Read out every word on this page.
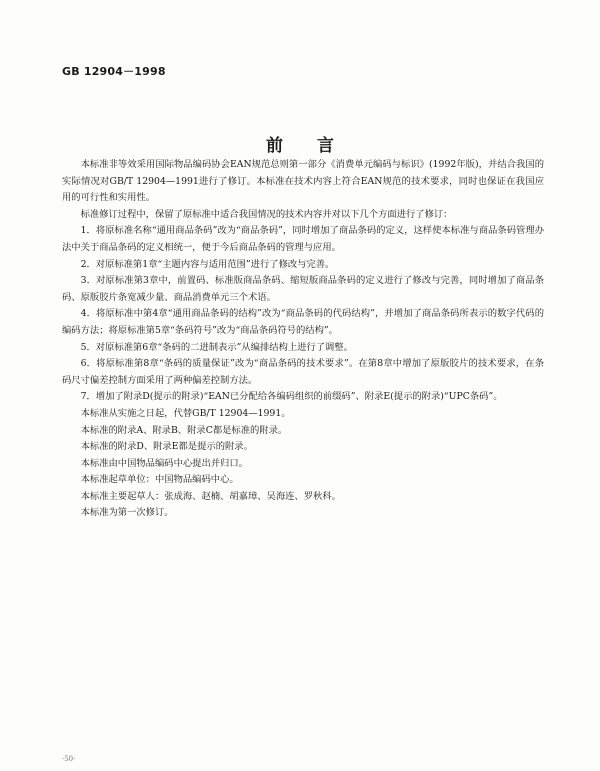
GB 12904－1998
前言

本标准非等效采用国际物品编码协会EAN规范总则第一部分《消费单元编码与标识》(1992年版)，并结合我国的实际情况对GB/T 12904—1991进行了修订。本标准在技术内容上符合EAN规范的技术要求，同时也保证在我国应用的可行性和实用性。

标准修订过程中，保留了原标准中适合我国情况的技术内容并对以下几个方面进行了修订：

1．将原标准名称“通用商品条码”改为“商品条码”，同时增加了商品条码的定义，这样使本标准与商品条码管理办法中关于商品条码的定义相统一，便于今后商品条码的管理与应用。

2．对原标准第1章“主题内容与适用范围”进行了修改与完善。

3．对原标准第3章中，前置码、标准版商品条码、缩短版商品条码的定义进行了修改与完善，同时增加了商品条码、原版胶片条宽减少量、商品消费单元三个术语。

4．将原标准中第4章“通用商品条码的结构”改为“商品条码的代码结构”，并增加了商品条码所表示的数字代码的编码方法；将原标准第5章“条码符号”改为“商品条码符号的结构”。

5．对原标准第6章“条码的二进制表示”从编排结构上进行了调整。

6．将原标准第8章“条码的质量保证”改为“商品条码的技术要求”。在第8章中增加了原版胶片的技术要求，在条码尺寸偏差控制方面采用了两种偏差控制方法。

7．增加了附录D(提示的附录)“EAN已分配给各编码组织的前缀码”、附录E(提示的附录)“UPC条码”。

本标准从实施之日起，代替GB/T 12904—1991。

本标准的附录A、附录B、附录C都是标准的附录。

本标准的附录D、附录E都是提示的附录。

本标准由中国物品编码中心提出并归口。

本标准起草单位：中国物品编码中心。

本标准主要起草人：张成海、赵楠、胡嘉璋、吴海连、罗秋科。

本标准为第一次修订。

·50·
